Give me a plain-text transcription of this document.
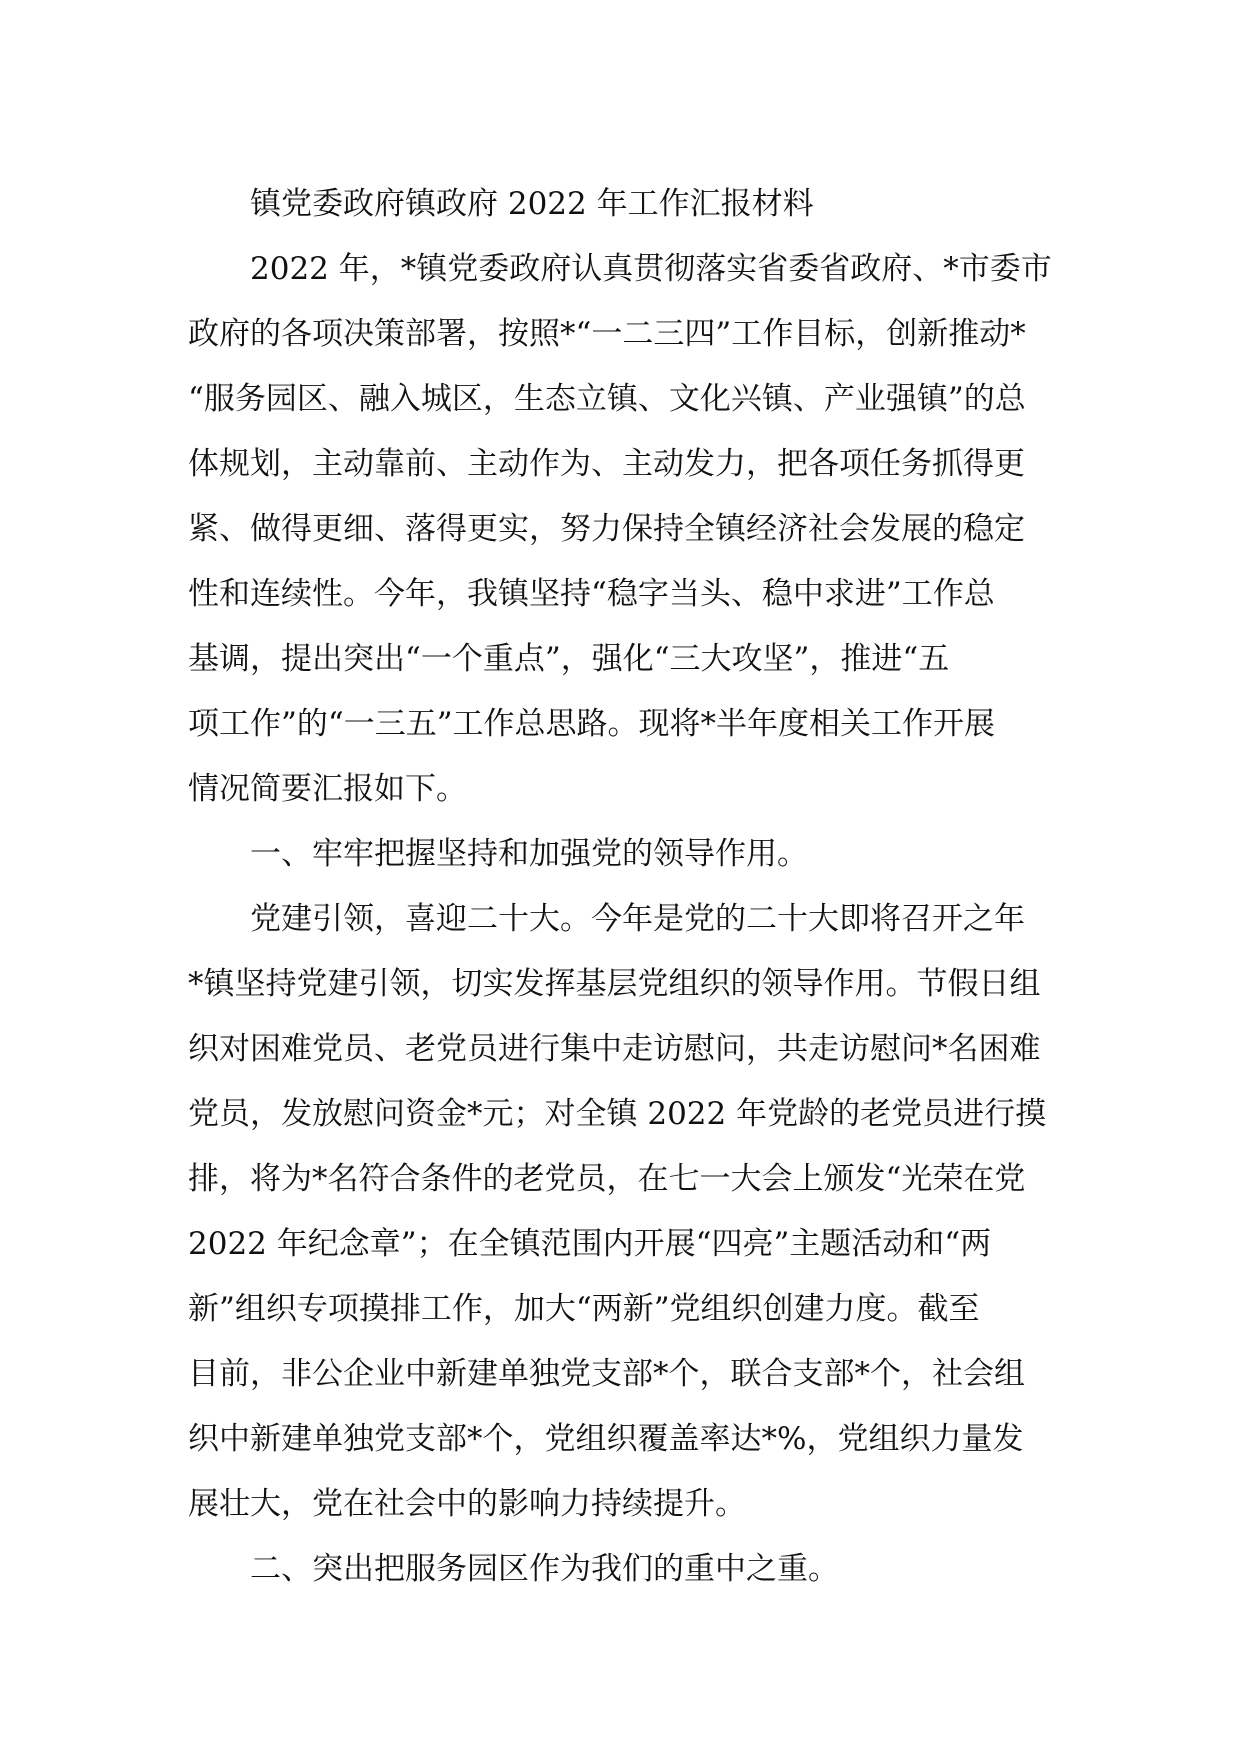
镇党委政府镇政府 2022 年工作汇报材料
2022 年，*镇党委政府认真贯彻落实省委省政府、*市委市
政府的各项决策部署，按照*“一二三四”工作目标，创新推动*
“服务园区、融入城区，生态立镇、文化兴镇、产业强镇”的总
体规划，主动靠前、主动作为、主动发力，把各项任务抓得更
紧、做得更细、落得更实，努力保持全镇经济社会发展的稳定
性和连续性。今年，我镇坚持“稳字当头、稳中求进”工作总
基调，提出突出“一个重点”，强化“三大攻坚”，推进“五
项工作”的“一三五”工作总思路。现将*半年度相关工作开展
情况简要汇报如下。
一、牢牢把握坚持和加强党的领导作用。
党建引领，喜迎二十大。今年是党的二十大即将召开之年
*镇坚持党建引领，切实发挥基层党组织的领导作用。节假日组
织对困难党员、老党员进行集中走访慰问，共走访慰问*名困难
党员，发放慰问资金*元；对全镇 2022 年党龄的老党员进行摸
排，将为*名符合条件的老党员，在七一大会上颁发“光荣在党
2022 年纪念章”；在全镇范围内开展“四亮”主题活动和“两
新”组织专项摸排工作，加大“两新”党组织创建力度。截至
目前，非公企业中新建单独党支部*个，联合支部*个，社会组
织中新建单独党支部*个，党组织覆盖率达*%，党组织力量发
展壮大，党在社会中的影响力持续提升。
二、突出把服务园区作为我们的重中之重。
